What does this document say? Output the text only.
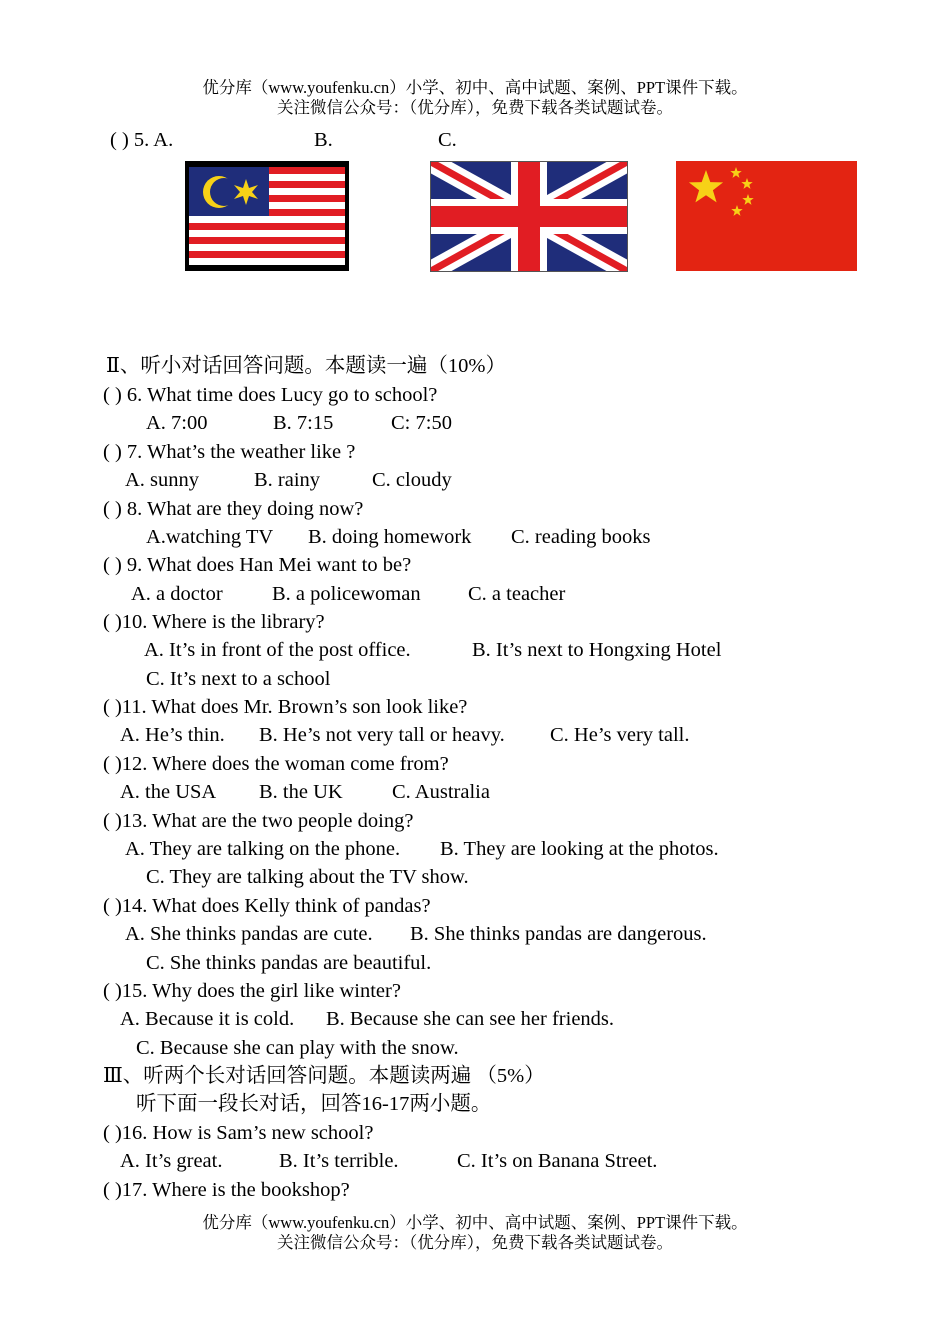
优分库（www.youfenku.cn）小学、初中、高中试题、案例、PPT课件下载。
关注微信公众号：（优分库），免费下载各类试题试卷。
( ) 5. A.	B.	C.
Ⅱ、听小对话回答问题。本题读一遍（10%）
( ) 6. What time does Lucy go to school?
A. 7:00	B. 7:15	C: 7:50
( ) 7. What’s the weather like ?
A. sunny	B. rainy	C. cloudy
( ) 8. What are they doing now?
A.watching TV B. doing homework C. reading books
( ) 9. What does Han Mei want to be?
A. a doctor B. a policewoman C. a teacher
( )10. Where is the library?
A. It’s in front of the post office.	B. It’s next to Hongxing Hotel
C. It’s next to a school
( )11. What does Mr. Brown’s son look like?
A. He’s thin. B. He’s not very tall or heavy. C. He’s very tall.
( )12. Where does the woman come from?
A. the USA B. the UK C. Australia
( )13. What are the two people doing?
A. They are talking on the phone. B. They are looking at the photos.
C. They are talking about the TV show.
( )14. What does Kelly think of pandas?
A. She thinks pandas are cute. B. She thinks pandas are dangerous.
C. She thinks pandas are beautiful.
( )15. Why does the girl like winter?
A. Because it is cold. B. Because she can see her friends.
C. Because she can play with the snow.
Ⅲ、听两个长对话回答问题。本题读两遍 （5%）
听下面一段长对话，回答16-17两小题。
( )16. How is Sam’s new school?
A. It’s great.	B. It’s terrible.	C. It’s on Banana Street.
( )17. Where is the bookshop?
优分库（www.youfenku.cn）小学、初中、高中试题、案例、PPT课件下载。
关注微信公众号：（优分库），免费下载各类试题试卷。
